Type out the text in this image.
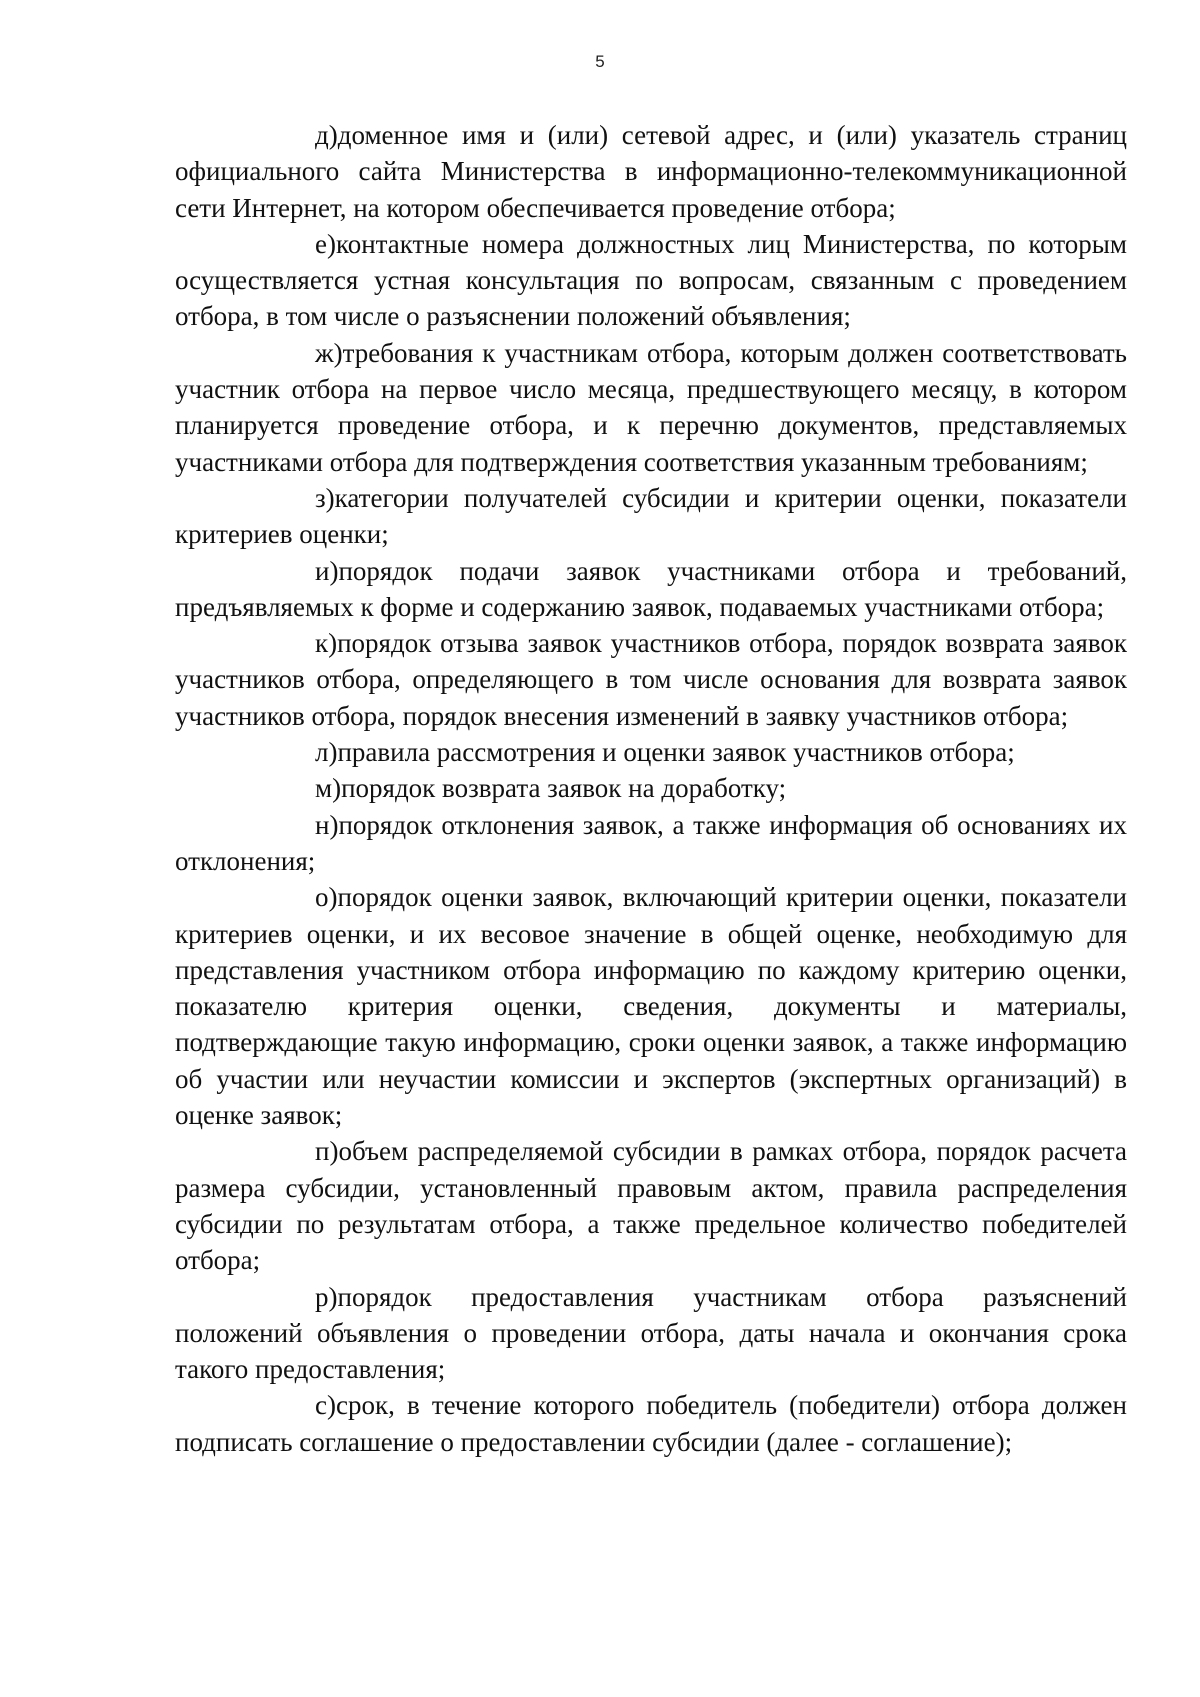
5

д)доменное имя и (или) сетевой адрес, и (или) указатель страниц официального сайта Министерства в информационно-телекоммуникационной сети Интернет, на котором обеспечивается проведение отбора;

е)контактные номера должностных лиц Министерства, по которым осуществляется устная консультация по вопросам, связанным с проведением отбора, в том числе о разъяснении положений объявления;

ж)требования к участникам отбора, которым должен соответствовать участник отбора на первое число месяца, предшествующего месяцу, в котором планируется проведение отбора, и к перечню документов, представляемых участниками отбора для подтверждения соответствия указанным требованиям;

з)категории получателей субсидии и критерии оценки, показатели критериев оценки;

и)порядок подачи заявок участниками отбора и требований, предъявляемых к форме и содержанию заявок, подаваемых участниками отбора;

к)порядок отзыва заявок участников отбора, порядок возврата заявок участников отбора, определяющего в том числе основания для возврата заявок участников отбора, порядок внесения изменений в заявку участников отбора;

л)правила рассмотрения и оценки заявок участников отбора;

м)порядок возврата заявок на доработку;

н)порядок отклонения заявок, а также информация об основаниях их отклонения;

о)порядок оценки заявок, включающий критерии оценки, показатели критериев оценки, и их весовое значение в общей оценке, необходимую для представления участником отбора информацию по каждому критерию оценки, показателю критерия оценки, сведения, документы и материалы, подтверждающие такую информацию, сроки оценки заявок, а также информацию об участии или неучастии комиссии и экспертов (экспертных организаций) в оценке заявок;

п)объем распределяемой субсидии в рамках отбора, порядок расчета размера субсидии, установленный правовым актом, правила распределения субсидии по результатам отбора, а также предельное количество победителей отбора;

р)порядок предоставления участникам отбора разъяснений положений объявления о проведении отбора, даты начала и окончания срока такого предоставления;

с)срок, в течение которого победитель (победители) отбора должен подписать соглашение о предоставлении субсидии (далее - соглашение);
